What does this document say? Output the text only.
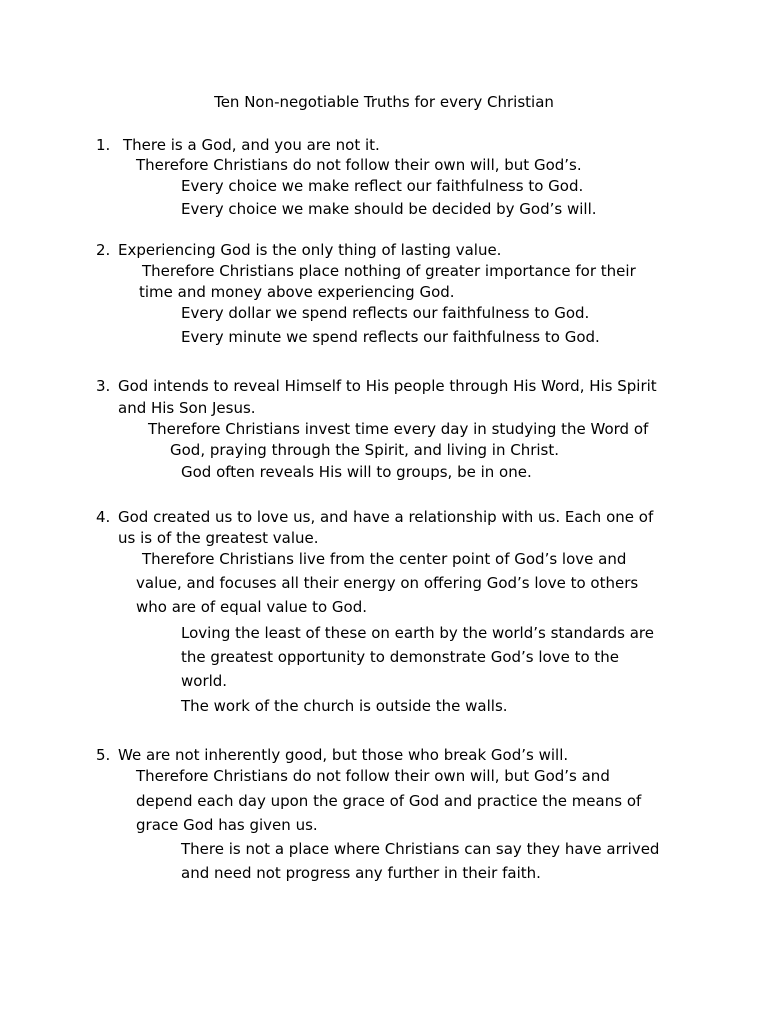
Ten Non-negotiable Truths for every Christian
1. There is a God, and you are not it.
Therefore Christians do not follow their own will, but God’s.
Every choice we make reflect our faithfulness to God.
Every choice we make should be decided by God’s will.
2. Experiencing God is the only thing of lasting value.
Therefore Christians place nothing of greater importance for their
time and money above experiencing God.
Every dollar we spend reflects our faithfulness to God.
Every minute we spend reflects our faithfulness to God.
3. God intends to reveal Himself to His people through His Word, His Spirit
and His Son Jesus.
Therefore Christians invest time every day in studying the Word of
God, praying through the Spirit, and living in Christ.
God often reveals His will to groups, be in one.
4. God created us to love us, and have a relationship with us. Each one of
us is of the greatest value.
Therefore Christians live from the center point of God’s love and
value, and focuses all their energy on offering God’s love to others
who are of equal value to God.
Loving the least of these on earth by the world’s standards are
the greatest opportunity to demonstrate God’s love to the
world.
The work of the church is outside the walls.
5. We are not inherently good, but those who break God’s will.
Therefore Christians do not follow their own will, but God’s and
depend each day upon the grace of God and practice the means of
grace God has given us.
There is not a place where Christians can say they have arrived
and need not progress any further in their faith.
